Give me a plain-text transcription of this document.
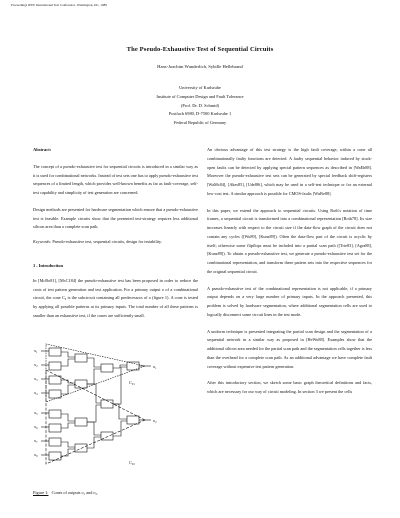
Proceedings IEEE International Test Conference, Washington, DC, 1989
The Pseudo-Exhaustive Test of Sequential Circuits
Hans-Joachim Wunderlich, Sybille Hellebrand
University of Karlsruhe
Institute of Computer Design and Fault Tolerance
(Prof. Dr. D. Schmid)
Postfach 6980, D-7500 Karlsruhe 1
Federal Republic of Germany

Abstract:

The concept of a pseudo-exhaustive test for sequential circuits is introduced in a similar way as it is used for combinational networks. Instead of test sets one has to apply pseudo-exhaustive test sequences of a limited length, which provides well-known benefits as far as fault-coverage, self-test capability and simplicity of test generation are concerned.

Design methods are presented for hardware segmentation which ensure that a pseudo-exhaustive test is feasible. Example circuits show that the presented test-strategy requires less additional silicon area than a complete scan path.

Keywords: Pseudo-exhaustive test, sequential circuits, design for testability.

1 . Introduction

In [McBo81], [McC184] the pseudo-exhaustive test has been proposed in order to reduce the costs of test pattern generation and test application. For a primary output o of a combinational circuit, the cone C₀ is the subcircuit containing all predecessors of o (figure 1). A cone is tested by applying all possible patterns at its primary inputs. The total number of all these patterns is smaller than an exhaustive test, if the cones are sufficiently small.

x₁
x₂
x₃
x₄
x₅
x₆
x₇
x₈
o₁
o₂
C₀₁
C₀₂
Figure 1: Cones of outputs o₁ and o₂.

An obvious advantage of this test strategy is the high fault coverage, within a cone all combinationally faulty functions are detected. A faulty sequential behavior induced by stuck-open faults can be detected by applying special pattern sequences as described in [WaEh88]. Moreover the pseudo-exhaustive test sets can be generated by special feedback shift-registers [WaMc84], [Akes85], [Udel86], which may be used in a self-test technique or for an external low-cost test. A similar approach is possible for CMOS-faults [WuRe88].

In this paper, we extend the approach to sequential circuits. Using Roth's notation of time frames, a sequential circuit is transformed into a combinational representation [Roth78]. Its size increases linearly with respect to the circuit size if the data-flow graph of the circuit does not contain any cycles ([Wu89], [Kunz89]). Often the data-flow part of the circuit is acyclic by itself; otherwise some flipflops must be included into a partial scan path ([Trie83], [Agra88], [Kunz89]). To obtain a pseudo-exhaustive test, we generate a pseudo-exhaustive test set for the combinational representation, and transform these pattern sets into the respective sequences for the original sequential circuit.

A pseudo-exhaustive test of the combinational representation is not applicable, if a primary output depends on a very large number of primary inputs. In the approach presented, this problem is solved by hardware segmentation, where additional segmentation cells are used to logically disconnect some circuit lines in the test mode.

A uniform technique is presented integrating the partial scan design and the segmentation of a sequential network in a similar way as proposed in [HeWu88]. Examples show that the additional silicon area needed for the partial scan path and the segmentation cells together is less than the overhead for a complete scan path. As an additional advantage we have complete fault coverage without expensive test pattern generation.

After this introductory section, we sketch some basic graph theoretical definitions and facts, which are necessary for our way of circuit modeling. In section 3 we present the cells
